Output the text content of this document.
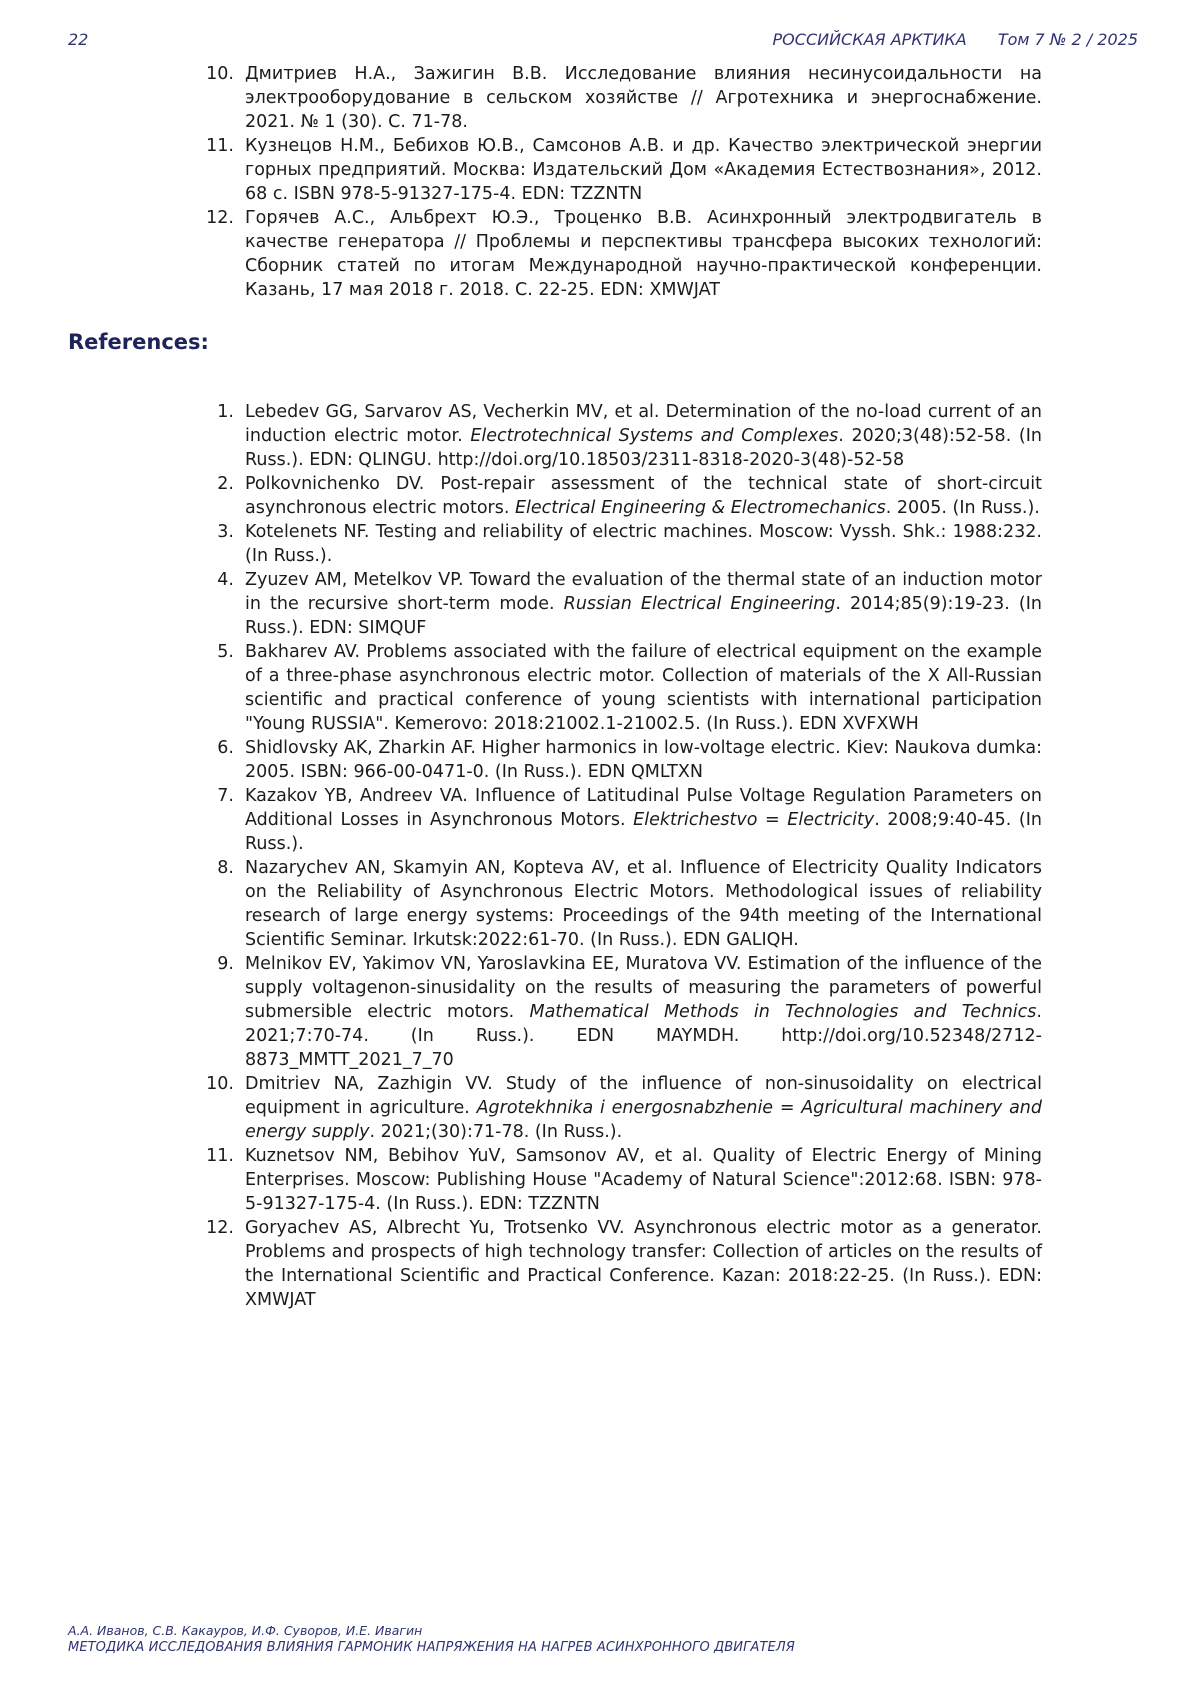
22	РОССИЙСКАЯ АРКТИКА Том 7 № 2 / 2025
10. Дмитриев Н.А., Зажигин В.В. Исследование влияния несинусоидальности на электрооборудование в сельском хозяйстве // Агротехника и энергоснабжение. 2021. № 1 (30). С. 71-78.
11. Кузнецов Н.М., Бебихов Ю.В., Самсонов А.В. и др. Качество электрической энергии горных предприятий. Москва: Издательский Дом «Академия Естествознания», 2012. 68 с. ISBN 978-5-91327-175-4. EDN: TZZNTN
12. Горячев А.С., Альбрехт Ю.Э., Троценко В.В. Асинхронный электродвигатель в качестве генератора // Проблемы и перспективы трансфера высоких технологий: Сборник статей по итогам Международной научно-практической конференции. Казань, 17 мая 2018 г. 2018. С. 22-25. EDN: XMWJAT
References:
1. Lebedev GG, Sarvarov AS, Vecherkin MV, et al. Determination of the no-load current of an induction electric motor. Electrotechnical Systems and Complexes. 2020;3(48):52-58. (In Russ.). EDN: QLINGU. http://doi.org/10.18503/2311-8318-2020-3(48)-52-58
2. Polkovnichenko DV. Post-repair assessment of the technical state of short-circuit asynchronous electric motors. Electrical Engineering & Electromechanics. 2005. (In Russ.).
3. Kotelenets NF. Testing and reliability of electric machines. Moscow: Vyssh. Shk.: 1988:232. (In Russ.).
4. Zyuzev AM, Metelkov VP. Toward the evaluation of the thermal state of an induction motor in the recursive short-term mode. Russian Electrical Engineering. 2014;85(9):19-23. (In Russ.). EDN: SIMQUF
5. Bakharev AV. Problems associated with the failure of electrical equipment on the example of a three-phase asynchronous electric motor. Collection of materials of the X All-Russian scientific and practical conference of young scientists with international participation "Young RUSSIA". Kemerovo: 2018:21002.1-21002.5. (In Russ.). EDN XVFXWH
6. Shidlovsky AK, Zharkin AF. Higher harmonics in low-voltage electric. Kiev: Naukova dumka: 2005. ISBN: 966-00-0471-0. (In Russ.). EDN QMLTXN
7. Kazakov YB, Andreev VA. Influence of Latitudinal Pulse Voltage Regulation Parameters on Additional Losses in Asynchronous Motors. Elektrichestvo = Electricity. 2008;9:40-45. (In Russ.).
8. Nazarychev AN, Skamyin AN, Kopteva AV, et al. Influence of Electricity Quality Indicators on the Reliability of Asynchronous Electric Motors. Methodological issues of reliability research of large energy systems: Proceedings of the 94th meeting of the International Scientific Seminar. Irkutsk:2022:61-70. (In Russ.). EDN GALIQH.
9. Melnikov EV, Yakimov VN, Yaroslavkina EE, Muratova VV. Estimation of the influence of the supply voltagenon-sinusidality on the results of measuring the parameters of powerful submersible electric motors. Mathematical Methods in Technologies and Technics. 2021;7:70-74. (In Russ.). EDN MAYMDH. http://doi.org/10.52348/2712-8873_MMTT_2021_7_70
10. Dmitriev NA, Zazhigin VV. Study of the influence of non-sinusoidality on electrical equipment in agriculture. Agrotekhnika i energosnabzhenie = Agricultural machinery and energy supply. 2021;(30):71-78. (In Russ.).
11. Kuznetsov NM, Bebihov YuV, Samsonov AV, et al. Quality of Electric Energy of Mining Enterprises. Moscow: Publishing House "Academy of Natural Science":2012:68. ISBN: 978-5-91327-175-4. (In Russ.). EDN: TZZNTN
12. Goryachev AS, Albrecht Yu, Trotsenko VV. Asynchronous electric motor as a generator. Problems and prospects of high technology transfer: Collection of articles on the results of the International Scientific and Practical Conference. Kazan: 2018:22-25. (In Russ.). EDN: XMWJAT
А.А. Иванов, С.В. Какауров, И.Ф. Суворов, И.Е. Ивагин
МЕТОДИКА ИССЛЕДОВАНИЯ ВЛИЯНИЯ ГАРМОНИК НАПРЯЖЕНИЯ НА НАГРЕВ АСИНХРОННОГО ДВИГАТЕЛЯ
